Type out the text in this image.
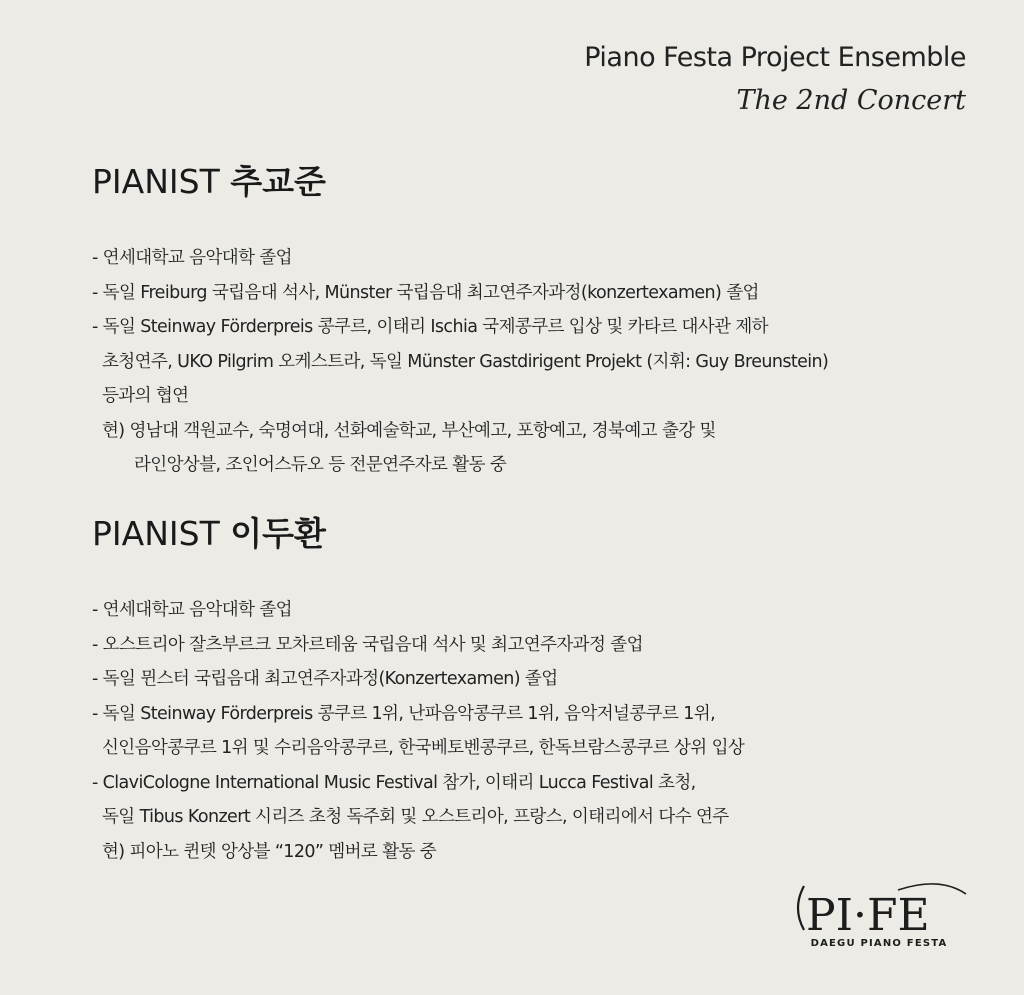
Piano Festa Project Ensemble
The 2nd Concert
PIANIST 추교준
- 연세대학교 음악대학 졸업
- 독일 Freiburg 국립음대 석사, Münster 국립음대 최고연주자과정(konzertexamen) 졸업
- 독일 Steinway Förderpreis 콩쿠르, 이태리 Ischia 국제콩쿠르 입상 및 카타르 대사관 제하
초청연주, UKO Pilgrim 오케스트라, 독일 Münster Gastdirigent Projekt (지휘: Guy Breunstein)
등과의 협연
현) 영남대 객원교수, 숙명여대, 선화예술학교, 부산예고, 포항예고, 경북예고 출강 및
라인앙상블, 조인어스듀오 등 전문연주자로 활동 중
PIANIST 이두환
- 연세대학교 음악대학 졸업
- 오스트리아 잘츠부르크 모차르테움 국립음대 석사 및 최고연주자과정 졸업
- 독일 뮌스터 국립음대 최고연주자과정(Konzertexamen) 졸업
- 독일 Steinway Förderpreis 콩쿠르 1위, 난파음악콩쿠르 1위, 음악저널콩쿠르 1위,
신인음악콩쿠르 1위 및 수리음악콩쿠르, 한국베토벤콩쿠르, 한독브람스콩쿠르 상위 입상
- ClaviCologne International Music Festival 참가, 이태리 Lucca Festival 초청,
독일 Tibus Konzert 시리즈 초청 독주회 및 오스트리아, 프랑스, 이태리에서 다수 연주
현) 피아노 퀸텟 앙상블 “120” 멤버로 활동 중
PI·FE
DAEGU PIANO FESTA
